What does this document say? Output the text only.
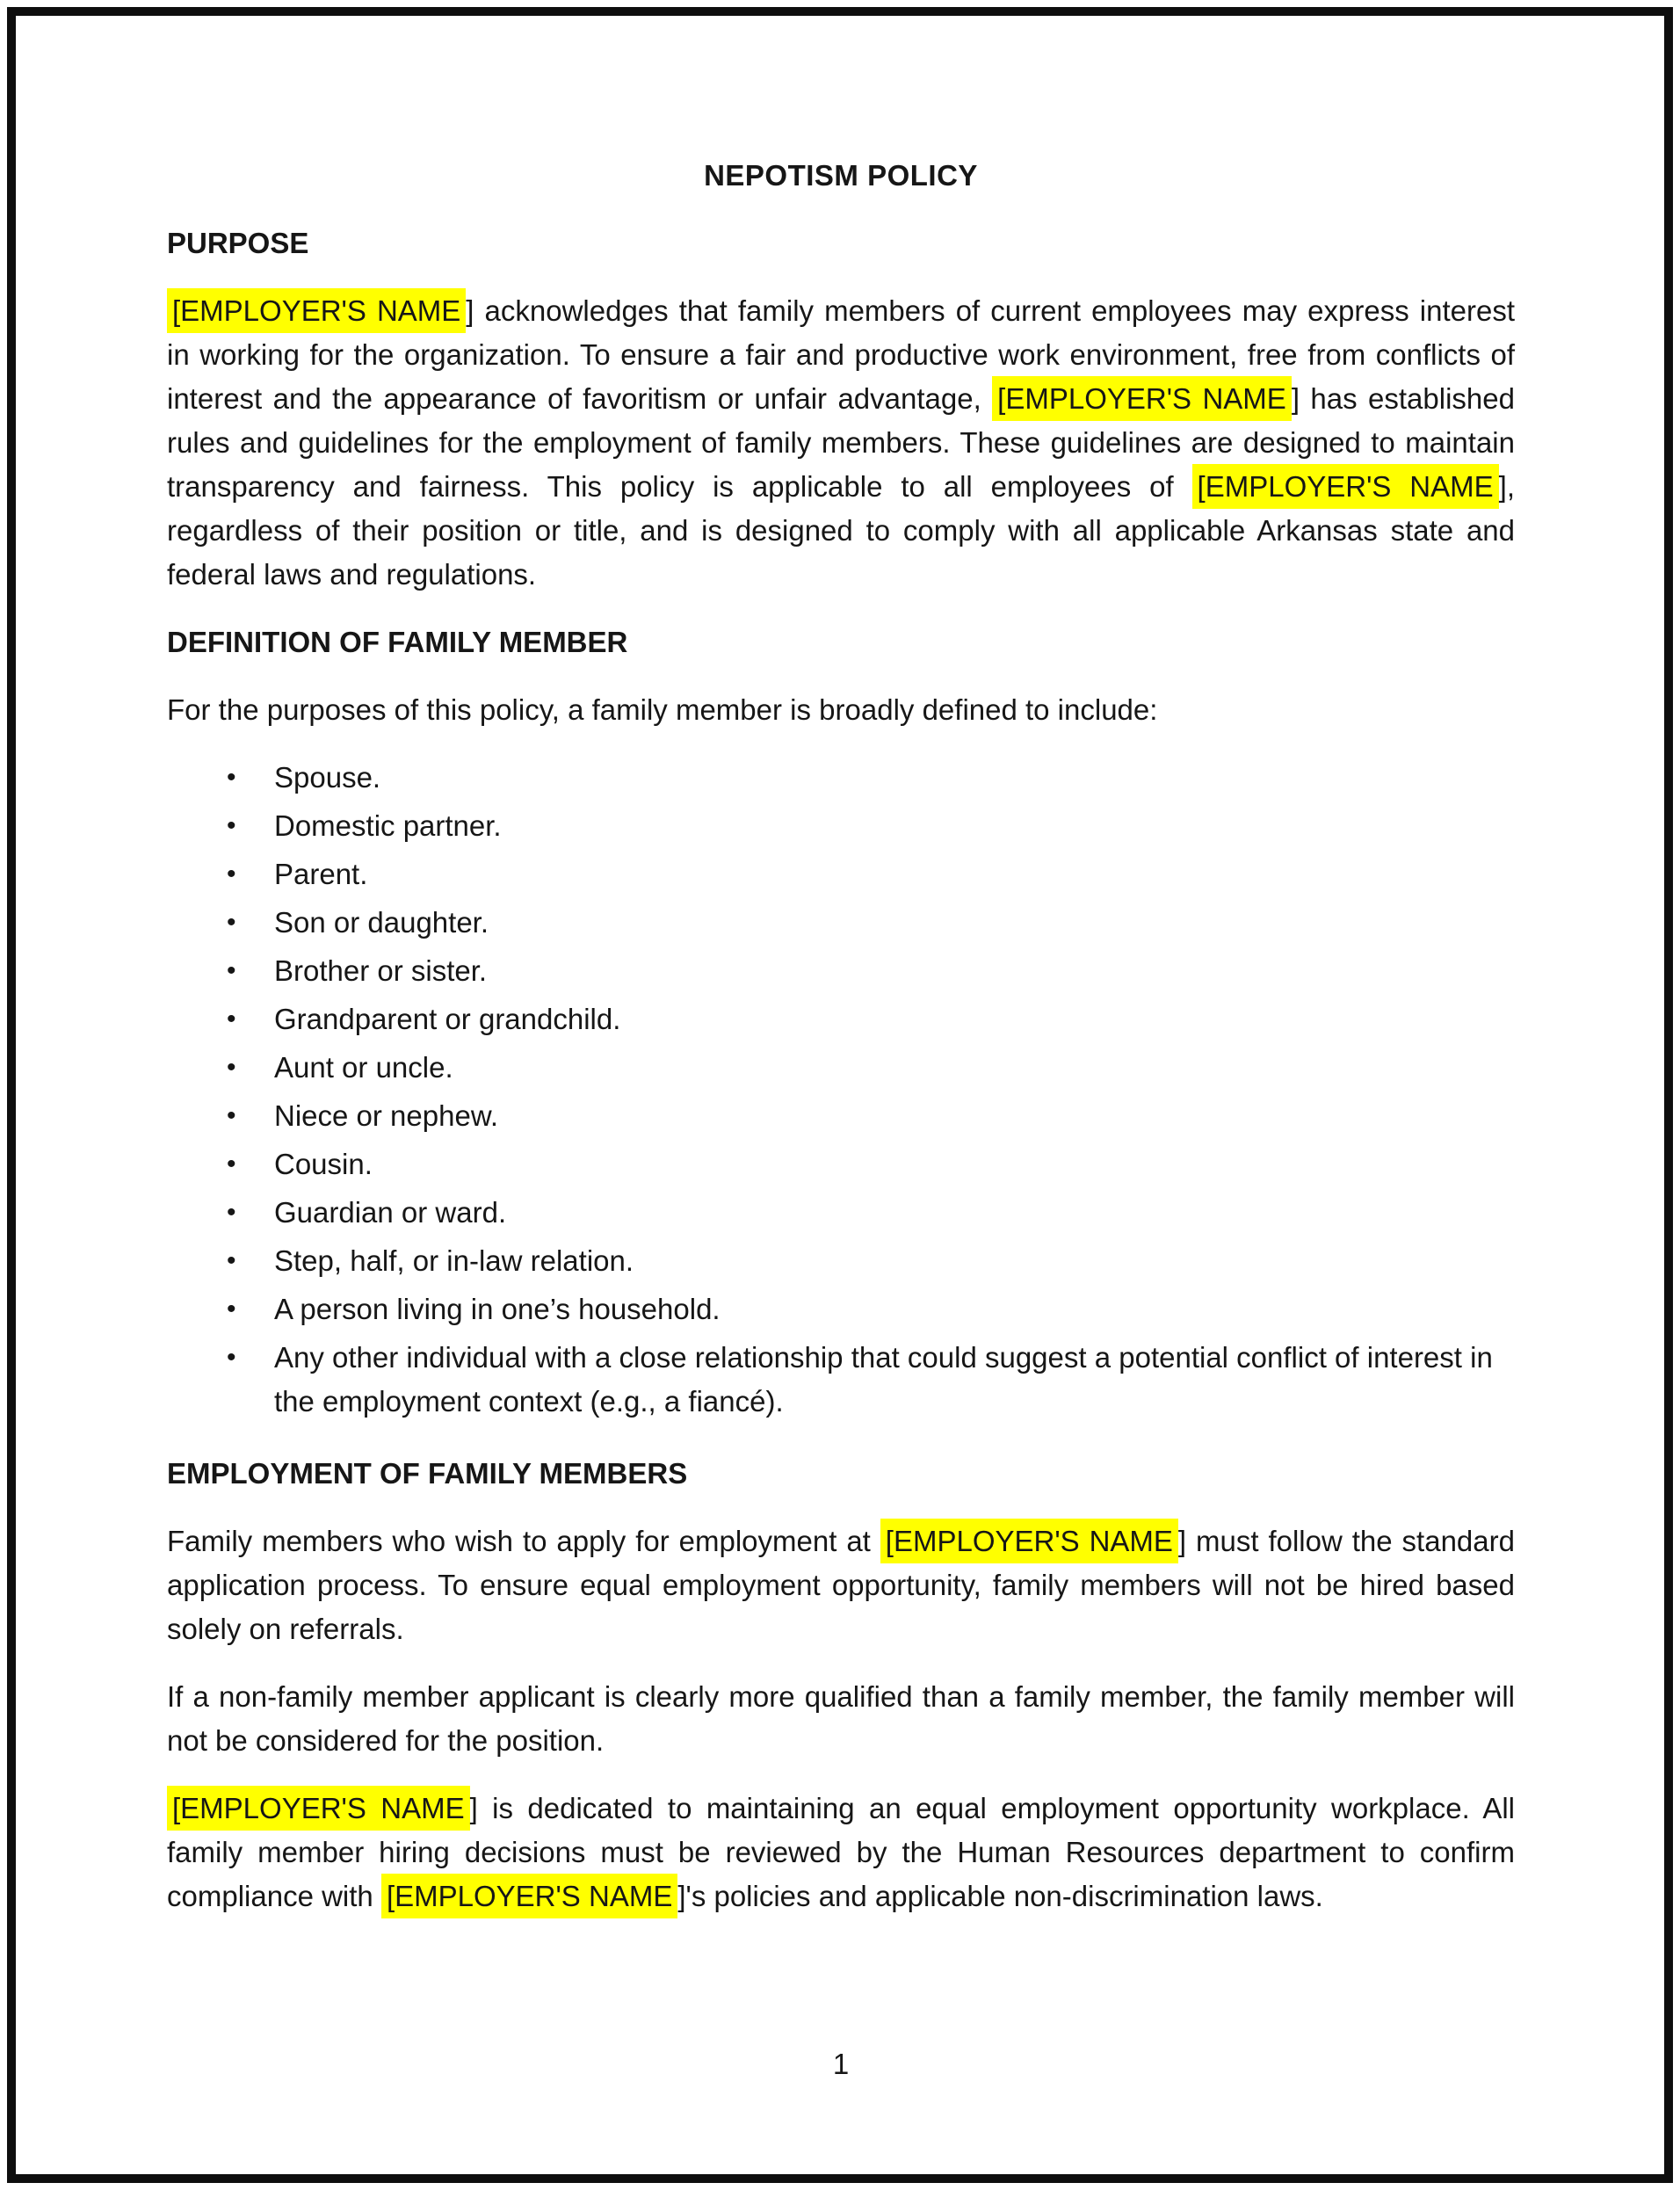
NEPOTISM POLICY
PURPOSE

[EMPLOYER'S NAME ] acknowledges that family members of current employees may express interest in working for the organization. To ensure a fair and productive work environment, free from conflicts of interest and the appearance of favoritism or unfair advantage, [EMPLOYER'S NAME ] has established rules and guidelines for the employment of family members. These guidelines are designed to maintain transparency and fairness. This policy is applicable to all employees of [EMPLOYER'S NAME ], regardless of their position or title, and is designed to comply with all applicable Arkansas state and federal laws and regulations.

DEFINITION OF FAMILY MEMBER

For the purposes of this policy, a family member is broadly defined to include:

• Spouse.
• Domestic partner.
• Parent.
• Son or daughter.
• Brother or sister.
• Grandparent or grandchild.
• Aunt or uncle.
• Niece or nephew.
• Cousin.
• Guardian or ward.
• Step, half, or in-law relation.
• A person living in one’s household.
• Any other individual with a close relationship that could suggest a potential conflict of interest in the employment context (e.g., a fiancé).
EMPLOYMENT OF FAMILY MEMBERS

Family members who wish to apply for employment at [EMPLOYER'S NAME ] must follow the standard application process. To ensure equal employment opportunity, family members will not be hired based solely on referrals.

If a non-family member applicant is clearly more qualified than a family member, the family member will not be considered for the position.

[EMPLOYER'S NAME ] is dedicated to maintaining an equal employment opportunity workplace. All family member hiring decisions must be reviewed by the Human Resources department to confirm compliance with [EMPLOYER'S NAME ]'s policies and applicable non-discrimination laws.

1
